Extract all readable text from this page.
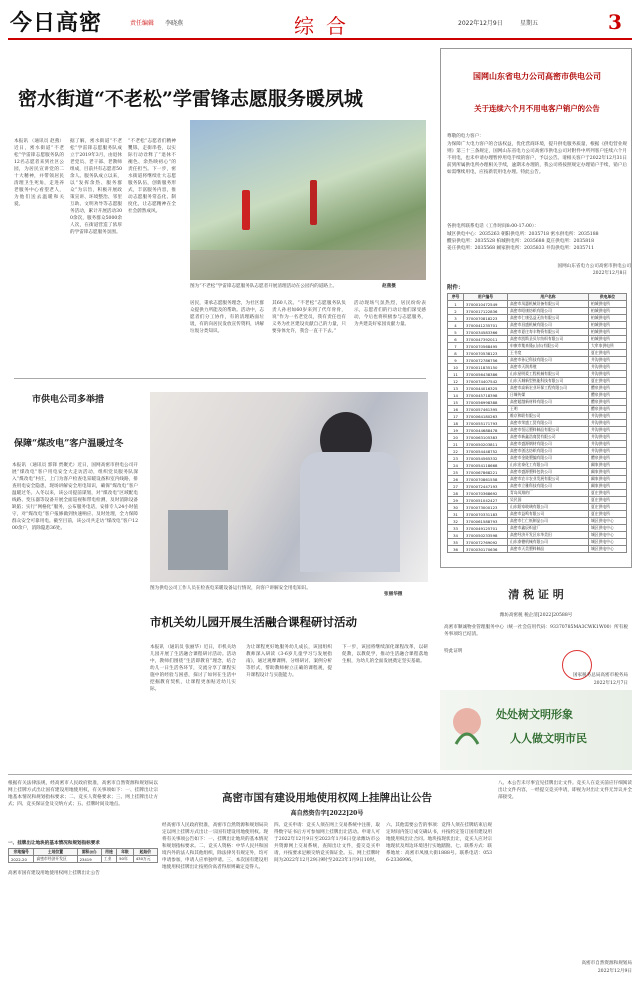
今日高密	责任编辑 李晓燕	综合	2022年12月9日	星期五	3
密水街道“不老松”学雷锋志愿服务暖夙城
本报讯 （通讯员 赵燕）近日，密水街道“不老松”学雷锋志愿服务队的12名志愿者来到社区公园，为居民宣讲党的二十大精神，并带领居民清理卫生死角，走进养老服务中心看望老人，为他们送去温暖和关爱。
据了解，密水街道“不老松”学雷锋志愿服务队成立于2019年3月，由退休老党员、老干部、老教师组成，目前共有志愿者50余人。服务队成立以来，以“发挥余热、服务群众”为宗旨，积极开展政策宣讲、环境整治、邻里互助、文明劝导等志愿服务活动，累计开展活动300余次，服务群众5000余人次，在街道营造了浓厚的学雷锋志愿服务氛围。
“不老松”志愿者们精神矍铄，走街串巷，以实际行动诠释了“退休不褪色、余热映初心”的责任担当。下一步，密水街道将继续壮大志愿服务队伍，创新服务形式，丰富服务内容，推动志愿服务常态化、制度化，让志愿精神在全社会蔚然成风。
图为“不老松”学雷锋志愿服务队志愿者开展清理活动在公园内的道路上。	赵燕摄
居民，秉承志愿服务理念，为社区群众提供力所能及的帮助。活动中，志愿者们分工协作，有的清理路面垃圾，有的向居民发放宣传资料，讲解垃圾分类知识。
其60人次。“不老松”志愿服务队负责人孙君如60岁来到了代年骨骨，说“作为一名老党员，我有责任也有义务为社区建设贡献自己的力量，只要身体允许，我会一直干下去。”
活动现场气氛热烈，居民纷纷表示，志愿者们的行动让他们深受感动，今后也将积极参与志愿服务，为共建美好家园贡献力量。
市供电公司多举措
保障“煤改电”客户温暖过冬
本报讯 （通讯员 郭锋 贾聚光）近日，国网高密市供电公司开展“煤改电”客户用电安全大走访活动，组织党员服务队深入“煤改电”村庄，上门为客户检查电采暖设备和室内线路，排查用电安全隐患，现场讲解安全用电知识，确保“煤改电”客户温暖过冬。入冬以来，该公司提前谋划，对“煤改电”区域配电线路、变压器等设备开展全面巡视和带电检测，及时消除设备缺陷；实行“网格化”服务，公布服务电话，安排专人24小时值守，对“煤改电”客户报修做到快速响应、及时处理，全力保障群众安全可靠用电。截至目前，该公司共走访“煤改电”客户1200余户，消除隐患36处。
图为供电公司工作人员在检查电采暖设备运行情况，向客户讲解安全用电知识。
张丽华摄
市机关幼儿园开展生活融合课程研讨活动
本报讯 （通讯员 张丽华）近日，市机关幼儿园开展了生活融合课程研讨活动。活动中，教师们围绕“生活即教育”理念，结合幼儿一日生活各环节，交流分享了课程实施中的经验与困惑，探讨了如何在生活中挖掘教育契机，让课程更加贴近幼儿实际。
为让课程更好地服务幼儿成长，该园组织教师深入研读《3-6岁儿童学习与发展指南》，通过观摩课例、分组研讨、案例分析等形式，帮助教师树立正确的课程观，提升课程设计与实施能力。
下一步，该园将继续深化课程改革，以研促教，以教促学，推动生活融合课程落地生根，为幼儿的全面发展奠定坚实基础。
国网山东省电力公司高密市供电公司
关于连续六个月不用电客户销户的公告
尊敬的电力客户：
为保障广大电力客户的合法权益，优化营商环境，提升供电服务质量，根据《供电营业规则》第三十三条规定，国网山东省电力公司高密市供电公司对附件中所列客户连续六个月不用电，也未申请办理暂停用电手续的客户，予以公告。请相关客户于2022年12月31日前到所属供电所办理相关手续，逾期未办理的，我公司将按照规定办理销户手续，销户后如需继续用电，应按新装用电办理。特此公告。
各供电所联系电话（工作时间8:00-17:00）：
城区供电中心：2035263 朝阳供电所：2035718 密水供电所：2035188
醴泉供电所：2035528 柏城供电所：2035688 夏庄供电所：2035818
姜庄供电所：2035568 阚家供电所：2035833 井沟供电所：2035711
国网山东省电力公司高密市供电公司
2022年12月8日
附件：
序号	用户编号	用户名称	供电单位
1	3700010472549	高密市凤惠机械设备有限公司	柏城供电所
2	3700017122836	高密市昭康纺织有限公司	柏城供电所
3	3700070818223	高密市仁康弘益无纺有限公司	柏城供电所
4	3700041235701	高密市昌盛机械有限公司	柏城供电所
5	3700034583366	高密市夏庄寿丰物资有限公司	柏城供电所
6	3700047392011	高密市凯斯圣贝尔纺织有限公司	柏城供电所
7	3700070568495	申康市集来隆(山东)有限公司	大牟家供电所
8	3700070538123	王书宽	夏庄供电所
9	3700072786756	高密市孙记科技有限公司	井沟供电所
10	3700011835150	高密市天润养殖	井沟供电所
11	3700056438386	山东星明爱工程机械有限公司	井沟供电所
12	3700074407542	山东天城新型热能科技有限公司	夏庄供电所
13	3700044016325	高密市高新宏业环保工程有限公司	醴泉供电所
14	3700045718398	日臻传媒	醴泉供电所
15	3700056998388	高密超越新材料有限公司	醴泉供电所
16	3700057461395	王明	醴泉供电所
17	3700064180263	维京和联有限公司	井沟供电所
18	3700055171793	高密市荣盛工贸有限公司	井沟供电所
19	3700044688478	高密市恒运塑料制品有限公司	井沟供电所
20	3700063105383	高密市新鑫浩商贸有限公司	井沟供电所
21	3700050203811	高密市盛源钢材有限公司	井沟供电所
22	3700054448752	高密市创达纺织有限公司	井沟供电所
23	3700054565332	高密市金陵塑编有限公司	醴泉供电所
24	3700054118668	山东宏泰化工有限公司	阚家供电所
25	3700067868221	高密市盛源塑料包装公司	阚家供电所
26	3700070861558	高密市农丰农业发展有限公司	阚家供电所
27	3700072447193	高密市立雅科技有限公司	阚家供电所
28	3700070368692	青岛凤翔的厂	夏庄供电所
29	3700051042427	吴民国	夏庄供电所
30	3700073000123	山东阳家玻璃有限公司	夏庄供电所
31	3700070331183	高密市益鸣有限公司	夏庄供电所
32	3700061588793	高密市仁仁纸制品公司	城区供电中心
33	3700049125701	高密市鑫辰织造厂	城区供电中心
34	3700050233598	高密经济开发区东华美田	城区供电中心
35	3700072769092	山东泰德机械有限公司	城区供电中心
36	3700030170636	高密市天美塑料制品	城区供电中心
清 税 证 明
潍坊高密税 税企清[2022]20588号
高密市顺诚物业管理服务中心（统一社会信用代码：93370785MA3CWK1W00）所有税务事项均已结清。
特此证明
国家税务总局高密市税务局
2022年12月7日
处处树文明形象
人人做文明市民
根据有关法律法规，经高密市人民政府批准，高密市自然资源和规划局以网上挂牌方式出让国有建设用地使用权，有关事项如下：一、挂牌出让宗地基本情况和规划指标要求；二、竞买人资格要求；三、网上挂牌出让方式；四、竞买保证金及交纳方式；五、挂牌时间及地点。
一、挂牌出让地块的基本情况和规划指标要求
宗地编号	土地位置	面积(㎡)	用途	年限	起始价
2022-20	高密市经济开发区	23419	工业	50年	430万元
高密市国有建设用地使用权网上挂牌出让公告
高密市国有建设用地使用权网上挂牌出让公告
高自然资告字[2022]20号
经高密市人民政府批准，高密市自然资源和规划局决定以网上挂牌方式出让一宗国有建设用地使用权。现将有关事项公告如下：一、挂牌出让地块的基本情况和规划指标要求。二、竞买人资格：中华人民共和国境内外的法人和其他组织，除法律另有规定外，均可申请参加，申请人应单独申请。三、本次国有建设用地使用权挂牌出让按照价高者得原则确定竞得人。
四、竞买申请：竞买人须在网上交易系统中注册，取得数字证书后方可参加网上挂牌出让活动。申请人可于2022年12月9日至2023年1月6日登录潍坊市公共资源网上交易系统，查阅出让文件，提交竞买申请，并按要求足额交纳竞买保证金。五、网上挂牌时间为2022年12月29日9时至2023年1月9日10时。
六、其他需要公告的事项：竞得人须在挂牌结束后规定时间内签订成交确认书，并按约定签订国有建设用地使用权出让合同。地块按现状出让，竞买人应对宗地现状及周边环境进行实地踏勘。七、联系方式：联系地址：高密市凤凰大街1888号。联系电话：0536-2336996。
八、本公告未尽事宜见挂牌出让文件。竞买人在竞买前应仔细阅读出让文件内容，一经提交竞买申请，即视为对出让文件无异议并全部接受。
高密市自然资源和规划局
2022年12月9日
